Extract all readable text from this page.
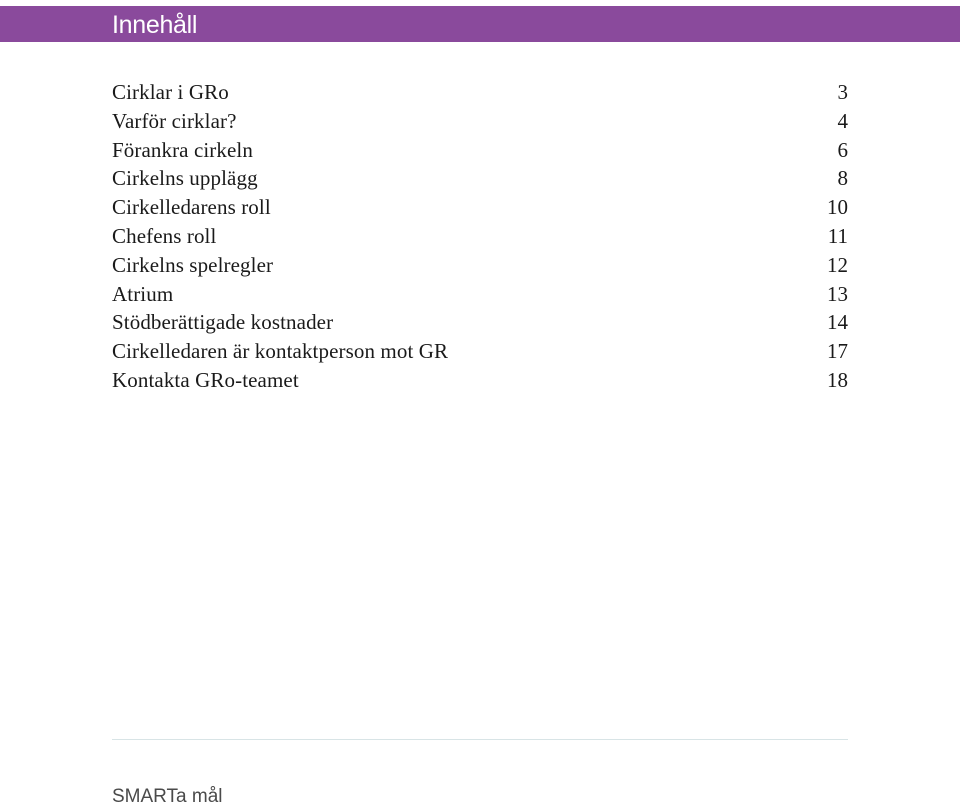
Innehåll
Cirklar i GRo	3
Varför cirklar?	4
Förankra cirkeln	6
Cirkelns upplägg	8
Cirkelledarens roll	10
Chefens roll	11
Cirkelns spelregler	12
Atrium	13
Stödberättigade kostnader	14
Cirkelledaren är kontaktperson mot GR	17
Kontakta GRo-teamet	18
SMARTa mål
